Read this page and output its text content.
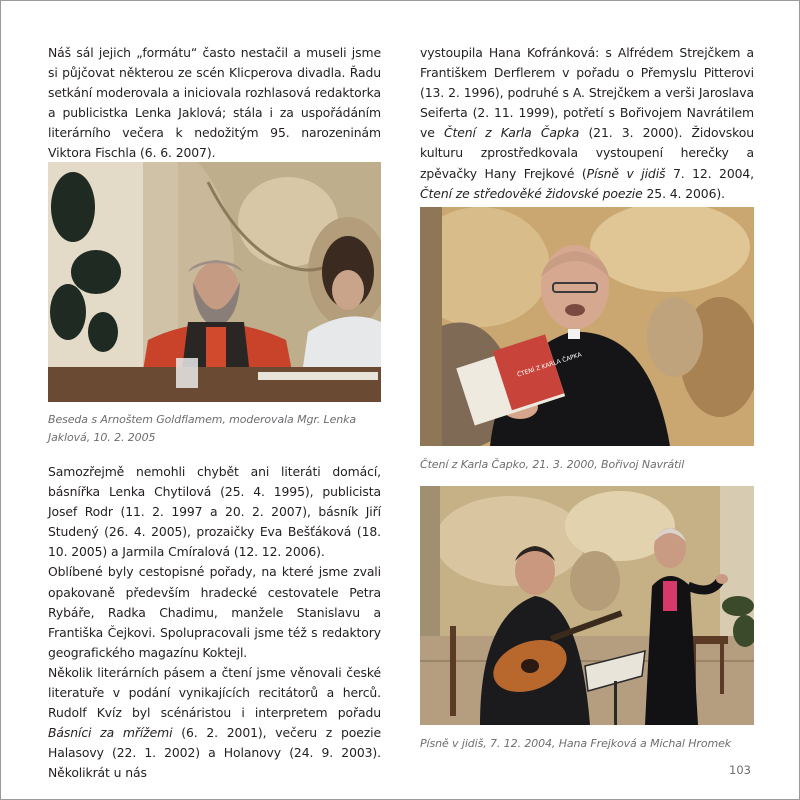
Náš sál jejich „formátu“ často nestačil a museli jsme si půjčovat některou ze scén Klicperova divadla. Řadu setkání moderovala a iniciovala rozhlasová redaktorka a publicistka Lenka Jaklová; stála i za uspořádáním literárního večera k nedožitým 95. narozeninám Viktora Fischla (6. 6. 2007).

Beseda s Arnoštem Goldflamem, moderovala Mgr. Lenka Jaklová, 10. 2. 2005

Samozřejmě nemohli chybět ani literáti domácí, básnířka Lenka Chytilová (25. 4. 1995), publicista Josef Rodr (11. 2. 1997 a 20. 2. 2007), básník Jiří Studený (26. 4. 2005), prozaičky Eva Bešťáková (18. 10. 2005) a Jarmila Cmíralová (12. 12. 2006).

Oblíbené byly cestopisné pořady, na které jsme zvali opakovaně především hradecké cestovatele Petra Rybáře, Radka Chadimu, manžele Stanislavu a Františka Čejkovi. Spolupracovali jsme též s redaktory geografického magazínu Koktejl.

Několik literárních pásem a čtení jsme věnovali české literatuře v podání vynikajících recitátorů a herců. Rudolf Kvíz byl scénáristou i interpretem pořadu Básníci za mřížemi (6. 2. 2001), večeru z poezie Halasovy (22. 1. 2002) a Holanovy (24. 9. 2003). Několikrát u nás

vystoupila Hana Kofránková: s Alfrédem Strejčkem a Františkem Derflerem v pořadu o Přemyslu Pitterovi (13. 2. 1996), podruhé s A. Strejčkem a verši Jaroslava Seiferta (2. 11. 1999), potřetí s Bořivojem Navrátilem ve Čtení z Karla Čapka (21. 3. 2000). Židovskou kulturu zprostředkovala vystoupení herečky a zpěvačky Hany Frejkové (Písně v jidiš 7. 12. 2004, Čtení ze středověké židovské poezie 25. 4. 2006).

ČTENÍ Z KARLA ČAPKA
Čtení z Karla Čapko, 21. 3. 2000, Bořivoj Navrátil
Písně v jidiš, 7. 12. 2004, Hana Frejková a Michal Hromek
103
